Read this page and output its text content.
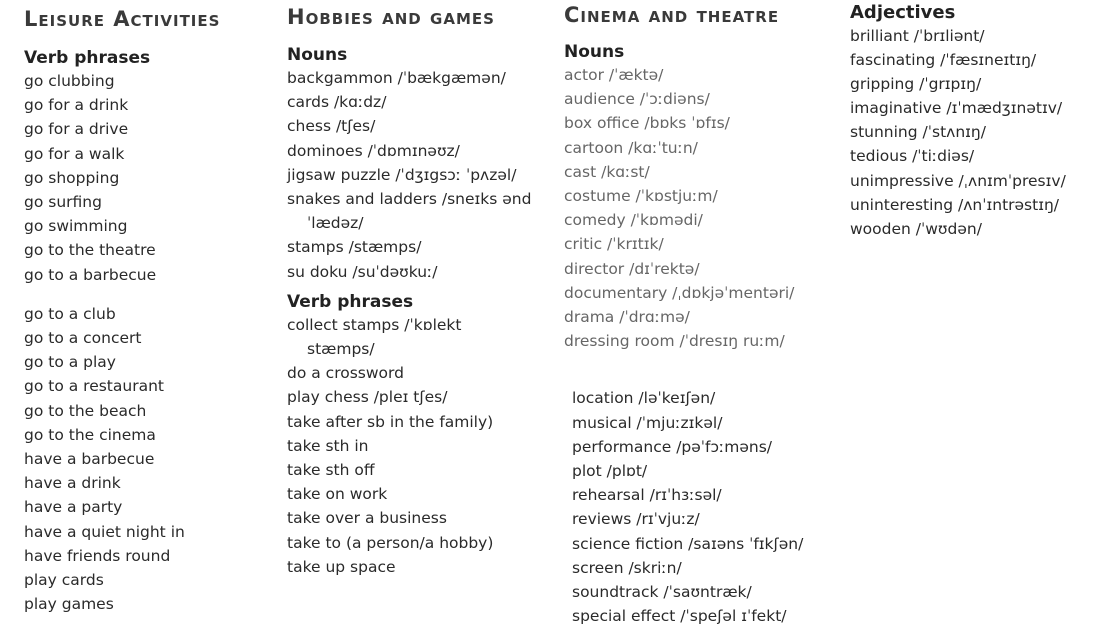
Leisure Activities
Verb phrases
go clubbing
go for a drink
go for a drive
go for a walk
go shopping
go surfing
go swimming
go to the theatre
go to a barbecue
go to a club
go to a concert
go to a play
go to a restaurant
go to the beach
go to the cinema
have a barbecue
have a drink
have a party
have a quiet night in
have friends round
play cards
play games
Hobbies and games
Nouns
backgammon /ˈbækgæmən/
cards /kɑːdz/
chess /tʃes/
dominoes /ˈdɒmɪnəʊz/
jigsaw puzzle /ˈdʒɪgsɔː ˈpʌzəl/
snakes and ladders /sneɪks ənd
ˈlædəz/
stamps /stæmps/
su doku /suˈdəʊkuː/
Verb phrases
collect stamps /ˈkɒlekt
stæmps/
do a crossword
play chess /pleɪ tʃes/
take after sb in the family)
take sth in
take sth off
take on work
take over a business
take to (a person/a hobby)
take up space
Cinema and theatre
Nouns
actor /ˈæktə/
audience /ˈɔːdiəns/
box office /bɒks ˈɒfɪs/
cartoon /kɑːˈtuːn/
cast /kɑːst/
costume /ˈkɒstjuːm/
comedy /ˈkɒmədi/
critic /ˈkrɪtɪk/
director /dɪˈrektə/
documentary /ˌdɒkjəˈmentəri/
drama /ˈdrɑːmə/
dressing room /ˈdresɪŋ ruːm/
location /ləˈkeɪʃən/
musical /ˈmjuːzɪkəl/
performance /pəˈfɔːməns/
plot /plɒt/
rehearsal /rɪˈhɜːsəl/
reviews /rɪˈvjuːz/
science fiction /saɪəns ˈfɪkʃən/
screen /skriːn/
soundtrack /ˈsaʊntræk/
special effect /ˈspeʃəl ɪˈfekt/
Adjectives
brilliant /ˈbrɪliənt/
fascinating /ˈfæsɪneɪtɪŋ/
gripping /ˈgrɪpɪŋ/
imaginative /ɪˈmædʒɪnətɪv/
stunning /ˈstʌnɪŋ/
tedious /ˈtiːdiəs/
unimpressive /ˌʌnɪmˈpresɪv/
uninteresting /ʌnˈɪntrəstɪŋ/
wooden /ˈwʊdən/
